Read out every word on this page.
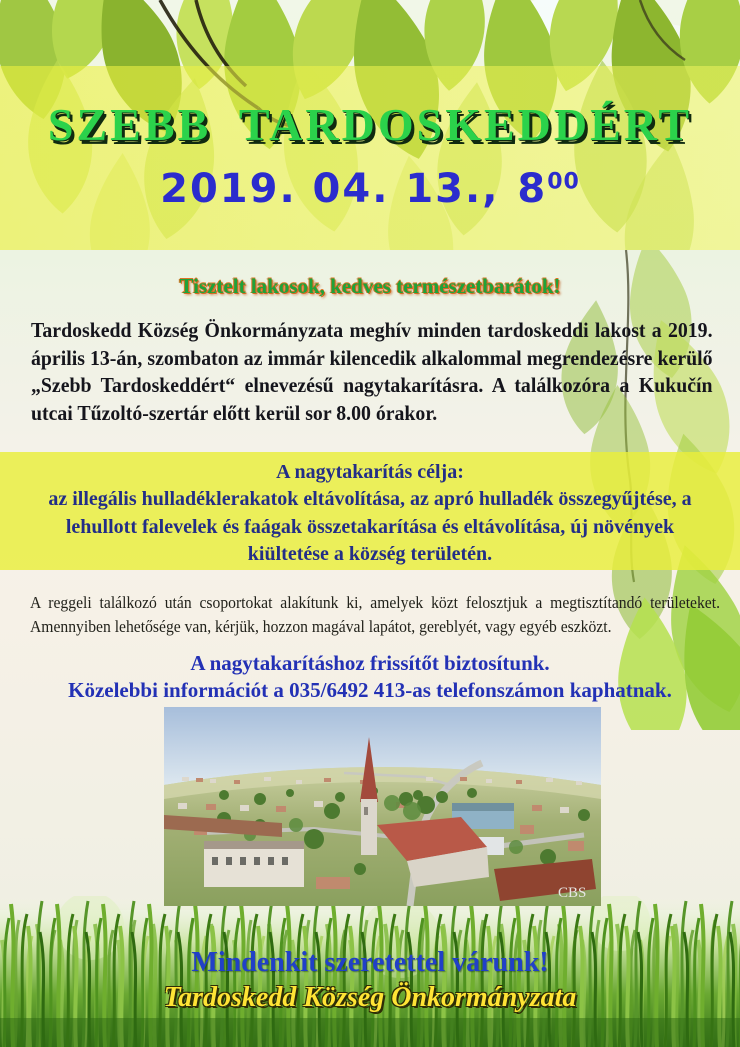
SZEBB TARDOSKEDDÉRT
2019. 04. 13., $8^{00}$
Tisztelt lakosok, kedves természetbarátok!
Tardoskedd Község Önkormányzata meghív minden tardoskeddi lakost a 2019. április 13-án, szombaton az immár kilencedik alkalommal megrendezésre kerülő „Szebb Tardoskeddért“ elnevezésű nagytakarításra. A találkozóra a Kukučín utcai Tűzoltó-szertár előtt kerül sor 8.00 órakor.
A nagytakarítás célja:
az illegális hulladéklerakatok eltávolítása, az apró hulladék összegyűjtése, a lehullott falevelek és faágak összetakarítása és eltávolítása, új növények kiültetése a község területén.
A reggeli találkozó után csoportokat alakítunk ki, amelyek közt felosztjuk a megtisztítandó területeket. Amennyiben lehetősége van, kérjük, hozzon magával lapátot, gereblyét, vagy egyéb eszközt.
A nagytakarításhoz frissítőt biztosítunk.
Közelebbi információt a 035/6492 413-as telefonszámon kaphatnak.
CBS
Mindenkit szeretettel várunk!
Tardoskedd Község Önkormányzata
